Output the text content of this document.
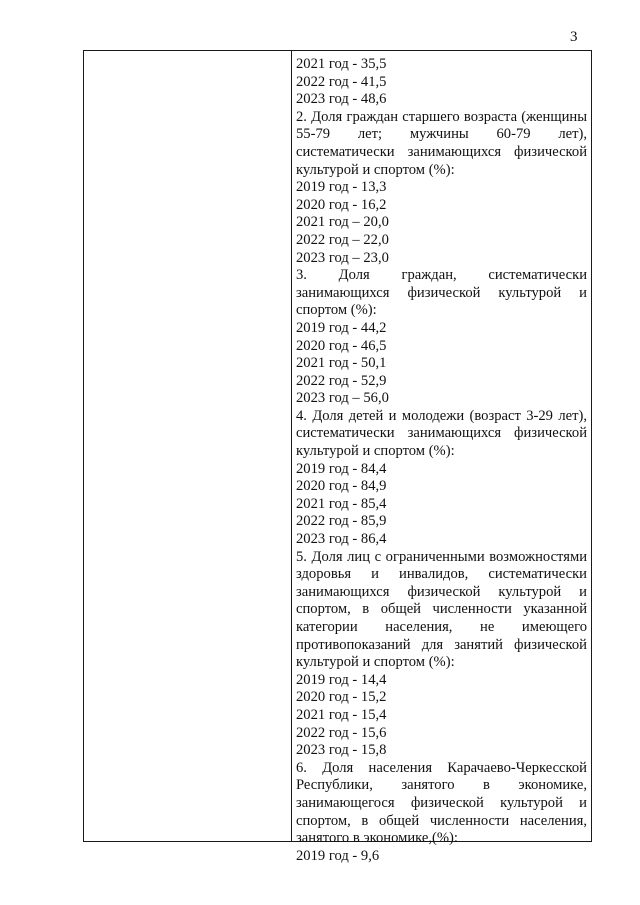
3
2021 год - 35,5
2022 год - 41,5
2023 год - 48,6
2. Доля граждан старшего возраста (женщины 55-79 лет; мужчины 60-79 лет), систематически занимающихся физической культурой и спортом (%):
2019 год - 13,3
2020 год - 16,2
2021 год – 20,0
2022 год – 22,0
2023 год – 23,0
3. Доля граждан, систематически занимающихся физической культурой и спортом (%):
2019 год - 44,2
2020 год - 46,5
2021 год - 50,1
2022 год - 52,9
2023 год – 56,0
4. Доля детей и молодежи (возраст 3-29 лет), систематически занимающихся физической культурой и спортом (%):
2019 год - 84,4
2020 год - 84,9
2021 год - 85,4
2022 год - 85,9
2023 год - 86,4
5. Доля лиц с ограниченными возможностями здоровья и инвалидов, систематически занимающихся физической культурой и спортом, в общей численности указанной категории населения, не имеющего противопоказаний для занятий физической культурой и спортом (%):
2019 год - 14,4
2020 год - 15,2
2021 год - 15,4
2022 год - 15,6
2023 год - 15,8
6. Доля населения Карачаево-Черкесской Республики, занятого в экономике, занимающегося физической культурой и спортом, в общей численности населения, занятого в экономике,(%):
2019 год - 9,6
